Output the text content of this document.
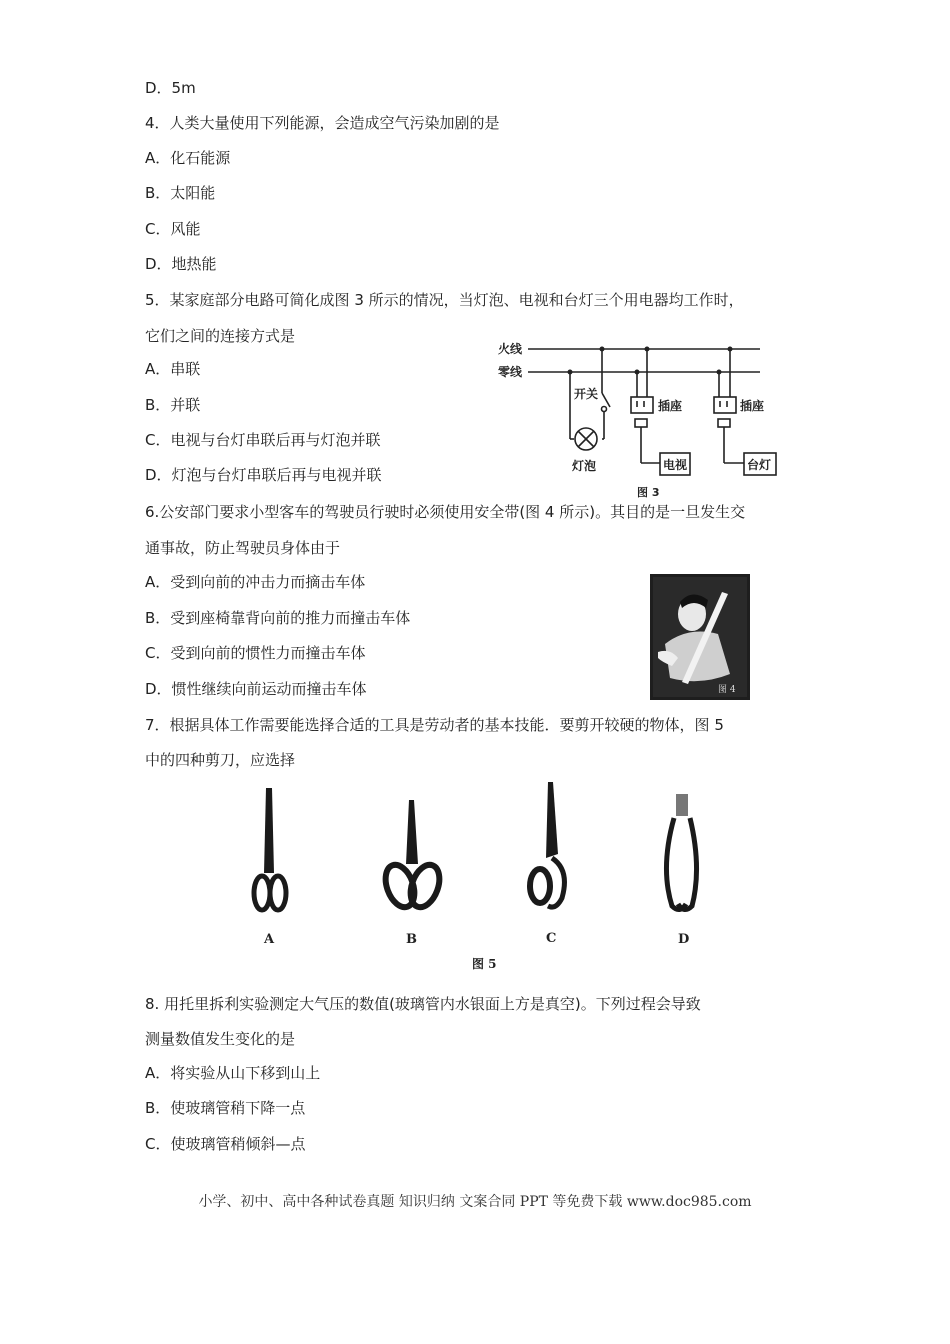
D．5m
4．人类大量使用下列能源，会造成空气污染加剧的是
A．化石能源
B．太阳能
C．风能
D．地热能
5．某家庭部分电路可简化成图 3 所示的情况，当灯泡、电视和台灯三个用电器均工作时，
它们之间的连接方式是
A．串联
B．并联
C．电视与台灯串联后再与灯泡并联
D．灯泡与台灯串联后再与电视并联
6.公安部门要求小型客车的驾驶员行驶时必须使用安全带(图 4 所示)。其目的是一旦发生交
通事故，防止驾驶员身体由于
A．受到向前的冲击力而摘击车体
B．受到座椅靠背向前的推力而撞击车体
C．受到向前的惯性力而撞击车体
D．惯性继续向前运动而撞击车体
7．根据具体工作需要能选择合适的工具是劳动者的基本技能．要剪开较硬的物体，图 5
中的四种剪刀，应选择
8. 用托里拆利实验测定大气压的数值(玻璃管内水银面上方是真空)。下列过程会导致
测量数值发生变化的是
A．将实验从山下移到山上
B．使玻璃管稍下降一点
C．使玻璃管稍倾斜—点
火线
零线
开关
插座	插座
灯泡	电视	台灯
图 3
图 4
A	B	C	D
图 5
小学、初中、高中各种试卷真题 知识归纳 文案合同 PPT 等免费下载 www.doc985.com
